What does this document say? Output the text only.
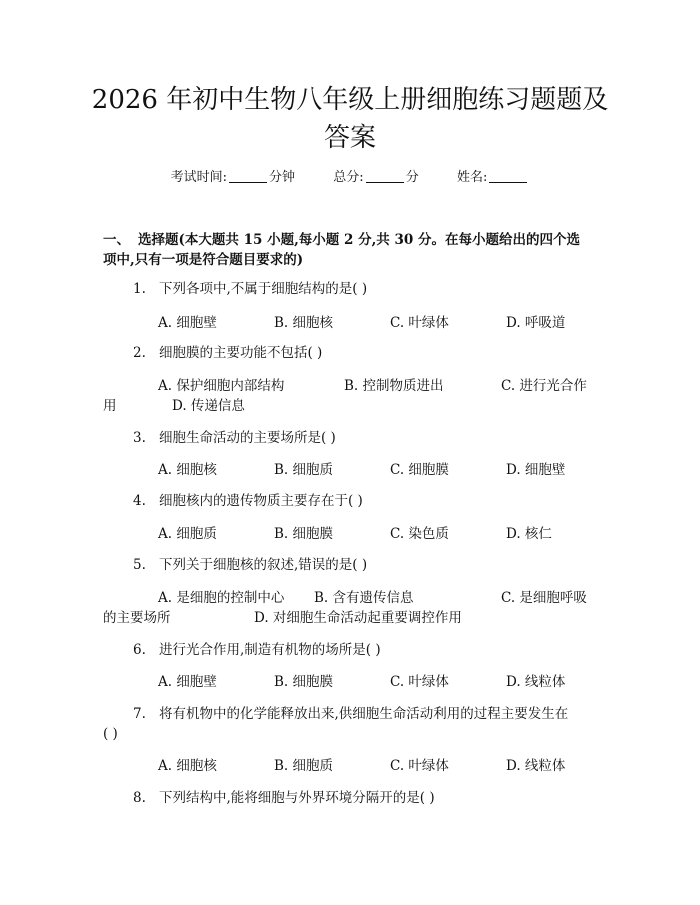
2026 年初中生物八年级上册细胞练习题题及
答案
考试时间:	分钟	总分:	分	姓名:
一、 选择题(本大题共 15 小题,每小题 2 分,共 30 分。在每小题给出的四个选
项中,只有一项是符合题目要求的)
1. 下列各项中,不属于细胞结构的是( )
A. 细胞壁	B. 细胞核	C. 叶绿体	D. 呼吸道
2. 细胞膜的主要功能不包括( )
A. 保护细胞内部结构	B. 控制物质进出	C. 进行光合作
用	D. 传递信息
3. 细胞生命活动的主要场所是( )
A. 细胞核	B. 细胞质	C. 细胞膜	D. 细胞壁
4. 细胞核内的遗传物质主要存在于( )
A. 细胞质	B. 细胞膜	C. 染色质	D. 核仁
5. 下列关于细胞核的叙述,错误的是( )
A. 是细胞的控制中心 B. 含有遗传信息	C. 是细胞呼吸
的主要场所	D. 对细胞生命活动起重要调控作用
6. 进行光合作用,制造有机物的场所是( )
A. 细胞壁	B. 细胞膜	C. 叶绿体	D. 线粒体
7. 将有机物中的化学能释放出来,供细胞生命活动利用的过程主要发生在
( )
A. 细胞核	B. 细胞质	C. 叶绿体	D. 线粒体
8. 下列结构中,能将细胞与外界环境分隔开的是( )
